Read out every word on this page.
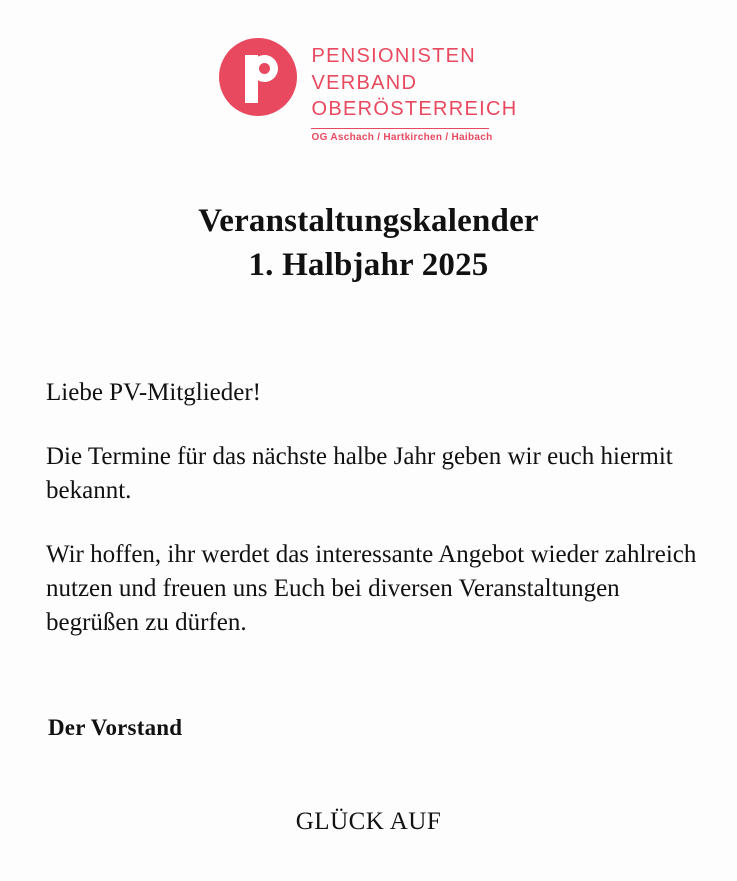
PENSIONISTEN
VERBAND
OBERÖSTERREICH
OG Aschach / Hartkirchen / Haibach
Veranstaltungskalender
1. Halbjahr 2025

Liebe PV-Mitglieder!

Die Termine für das nächste halbe Jahr geben wir euch hiermit bekannt.

Wir hoffen, ihr werdet das interessante Angebot wieder zahlreich nutzen und freuen uns Euch bei diversen Veranstaltungen begrüßen zu dürfen.

Der Vorstand
GLÜCK AUF
